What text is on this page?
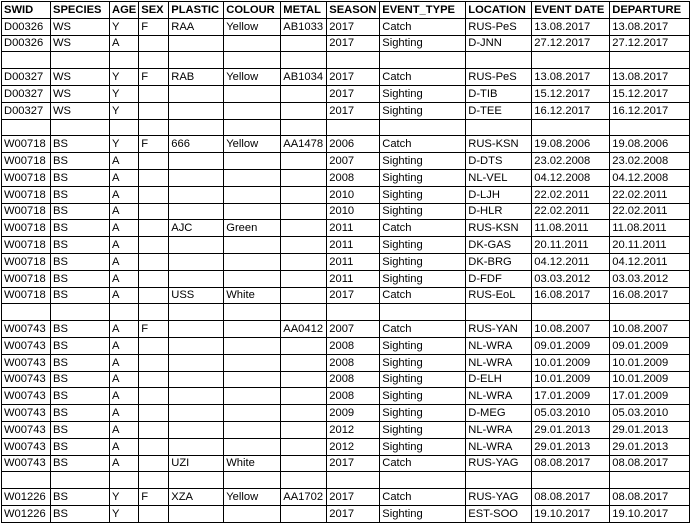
SWID	SPECIES	AGE	SEX	PLASTIC	COLOUR	METAL	SEASON	EVENT_TYPE	LOCATION	EVENT DATE	DEPARTURE
D00326	WS	Y	F	RAA	Yellow	AB1033	2017	Catch	RUS-PeS	13.08.2017	13.08.2017
D00326	WS	A					2017	Sighting	D-JNN	27.12.2017	27.12.2017

D00327	WS	Y	F	RAB	Yellow	AB1034	2017	Catch	RUS-PeS	13.08.2017	13.08.2017
D00327	WS	Y					2017	Sighting	D-TIB	15.12.2017	15.12.2017
D00327	WS	Y					2017	Sighting	D-TEE	16.12.2017	16.12.2017

W00718	BS	Y	F	666	Yellow	AA1478	2006	Catch	RUS-KSN	19.08.2006	19.08.2006
W00718	BS	A					2007	Sighting	D-DTS	23.02.2008	23.02.2008
W00718	BS	A					2008	Sighting	NL-VEL	04.12.2008	04.12.2008
W00718	BS	A					2010	Sighting	D-LJH	22.02.2011	22.02.2011
W00718	BS	A					2010	Sighting	D-HLR	22.02.2011	22.02.2011
W00718	BS	A		AJC	Green		2011	Catch	RUS-KSN	11.08.2011	11.08.2011
W00718	BS	A					2011	Sighting	DK-GAS	20.11.2011	20.11.2011
W00718	BS	A					2011	Sighting	DK-BRG	04.12.2011	04.12.2011
W00718	BS	A					2011	Sighting	D-FDF	03.03.2012	03.03.2012
W00718	BS	A		USS	White		2017	Catch	RUS-EoL	16.08.2017	16.08.2017

W00743	BS	A	F			AA0412	2007	Catch	RUS-YAN	10.08.2007	10.08.2007
W00743	BS	A					2008	Sighting	NL-WRA	09.01.2009	09.01.2009
W00743	BS	A					2008	Sighting	NL-WRA	10.01.2009	10.01.2009
W00743	BS	A					2008	Sighting	D-ELH	10.01.2009	10.01.2009
W00743	BS	A					2008	Sighting	NL-WRA	17.01.2009	17.01.2009
W00743	BS	A					2009	Sighting	D-MEG	05.03.2010	05.03.2010
W00743	BS	A					2012	Sighting	NL-WRA	29.01.2013	29.01.2013
W00743	BS	A					2012	Sighting	NL-WRA	29.01.2013	29.01.2013
W00743	BS	A		UZI	White		2017	Catch	RUS-YAG	08.08.2017	08.08.2017

W01226	BS	Y	F	XZA	Yellow	AA1702	2017	Catch	RUS-YAG	08.08.2017	08.08.2017
W01226	BS	Y					2017	Sighting	EST-SOO	19.10.2017	19.10.2017
